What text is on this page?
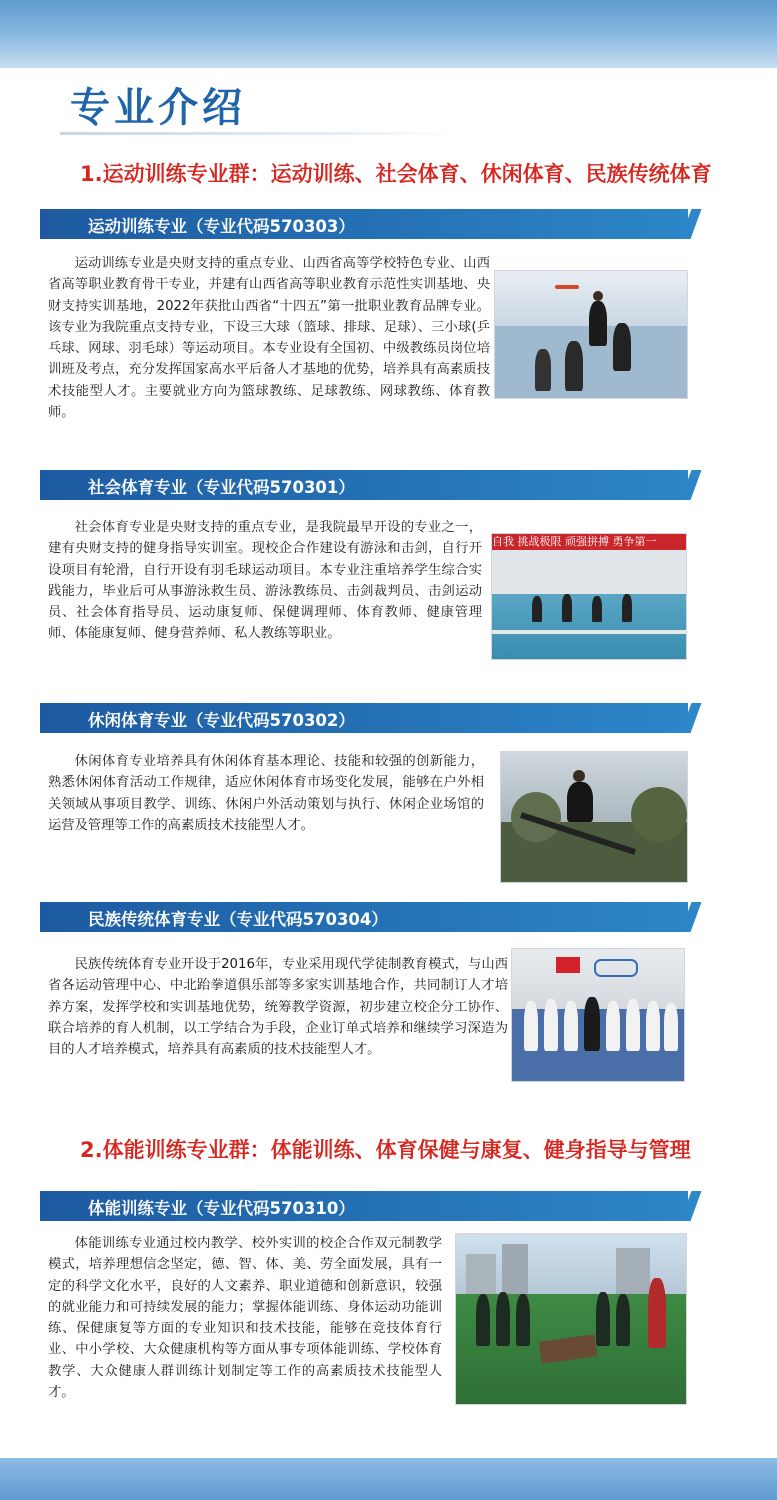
专业介绍
1.运动训练专业群：运动训练、社会体育、休闲体育、民族传统体育
运动训练专业（专业代码570303）

运动训练专业是央财支持的重点专业、山西省高等学校特色专业、山西省高等职业教育骨干专业，并建有山西省高等职业教育示范性实训基地、央财支持实训基地，2022年获批山西省“十四五”第一批职业教育品牌专业。该专业为我院重点支持专业，下设三大球（篮球、排球、足球）、三小球(乒乓球、网球、羽毛球）等运动项目。本专业设有全国初、中级教练员岗位培训班及考点，充分发挥国家高水平后备人才基地的优势，培养具有高素质技术技能型人才。主要就业方向为篮球教练、足球教练、网球教练、体育教师。

社会体育专业（专业代码570301）

社会体育专业是央财支持的重点专业，是我院最早开设的专业之一，建有央财支持的健身指导实训室。现校企合作建设有游泳和击剑，自行开设项目有轮滑，自行开设有羽毛球运动项目。本专业注重培养学生综合实践能力，毕业后可从事游泳救生员、游泳教练员、击剑裁判员、击剑运动员、社会体育指导员、运动康复师、保健调理师、体育教师、健康管理师、体能康复师、健身营养师、私人教练等职业。

自我 挑战极限 顽强拼搏 勇争第一
休闲体育专业（专业代码570302）

休闲体育专业培养具有休闲体育基本理论、技能和较强的创新能力，熟悉休闲体育活动工作规律，适应休闲体育市场变化发展，能够在户外相关领域从事项目教学、训练、休闲户外活动策划与执行、休闲企业场馆的运营及管理等工作的高素质技术技能型人才。

民族传统体育专业（专业代码570304）

民族传统体育专业开设于2016年，专业采用现代学徒制教育模式，与山西省各运动管理中心、中北跆拳道俱乐部等多家实训基地合作，共同制订人才培养方案，发挥学校和实训基地优势，统筹教学资源，初步建立校企分工协作、联合培养的育人机制，以工学结合为手段，企业订单式培养和继续学习深造为目的人才培养模式，培养具有高素质的技术技能型人才。

2.体能训练专业群：体能训练、体育保健与康复、健身指导与管理
体能训练专业（专业代码570310）

体能训练专业通过校内教学、校外实训的校企合作双元制教学模式，培养理想信念坚定，德、智、体、美、劳全面发展，具有一定的科学文化水平，良好的人文素养、职业道德和创新意识，较强的就业能力和可持续发展的能力；掌握体能训练、身体运动功能训练、保健康复等方面的专业知识和技术技能，能够在竞技体育行业、中小学校、大众健康机构等方面从事专项体能训练、学校体育教学、大众健康人群训练计划制定等工作的高素质技术技能型人才。
